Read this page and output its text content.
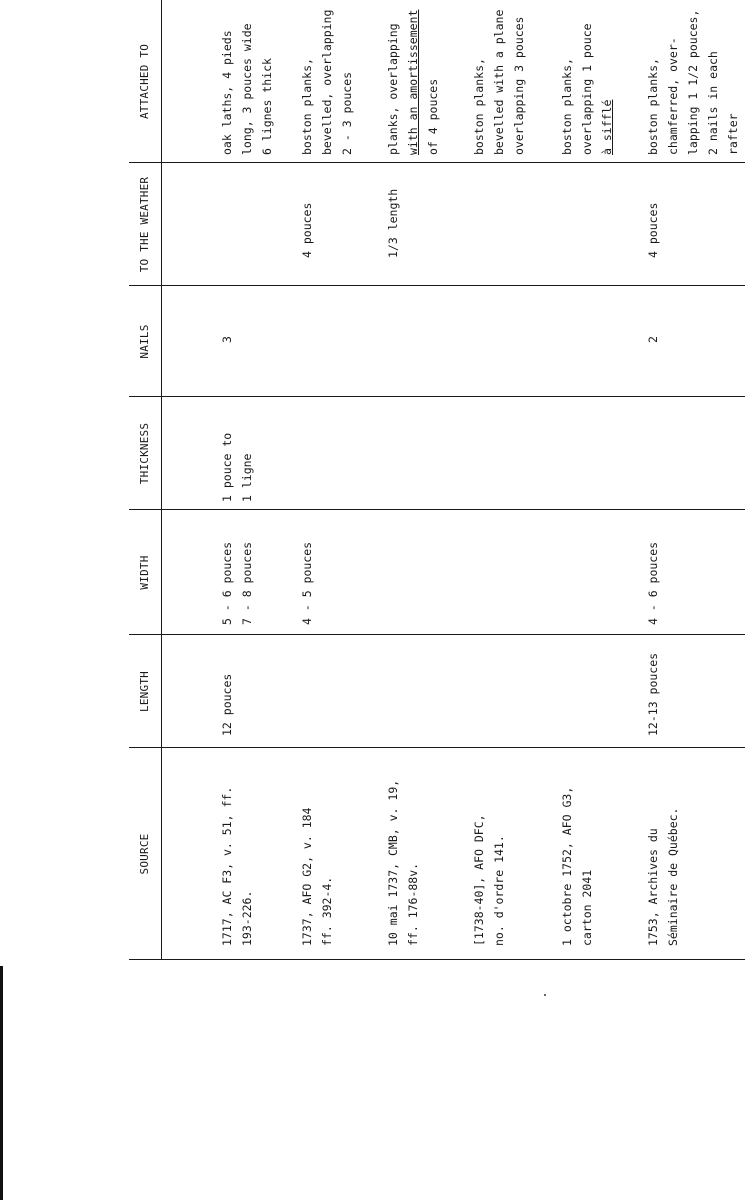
SOURCE
LENGTH
WIDTH
THICKNESS
NAILS
TO THE WEATHER
ATTACHED TO

1717, AC F3, v. 51, ff. 193-226.

12 pouces

5 - 6 pouces 7 - 8 pouces

1 pouce to 1 ligne

3

oak laths, 4 pieds long, 3 pouces wide 6 lignes thick

1737, AFO G2, v. 184 ff. 392-4.

4 - 5 pouces

4 pouces

boston planks, bevelled, overlapping 2 - 3 pouces

10 mai 1737, CMB, v. 19, ff. 176-88v.

1/3 length

planks, overlapping with an amortissement of 4 pouces

[1738-40], AFO DFC, no. d'ordre 141.

boston planks, bevelled with a plane overlapping 3 pouces

1 octobre 1752, AFO G3, carton 2041

boston planks, overlapping 1 pouce à sifflé

1753, Archives du Séminaire de Québec.

12-13 pouces

4 - 6 pouces

2

4 pouces

boston planks, chamferred, over- lapping 1 1/2 pouces, 2 nails in each rafter
